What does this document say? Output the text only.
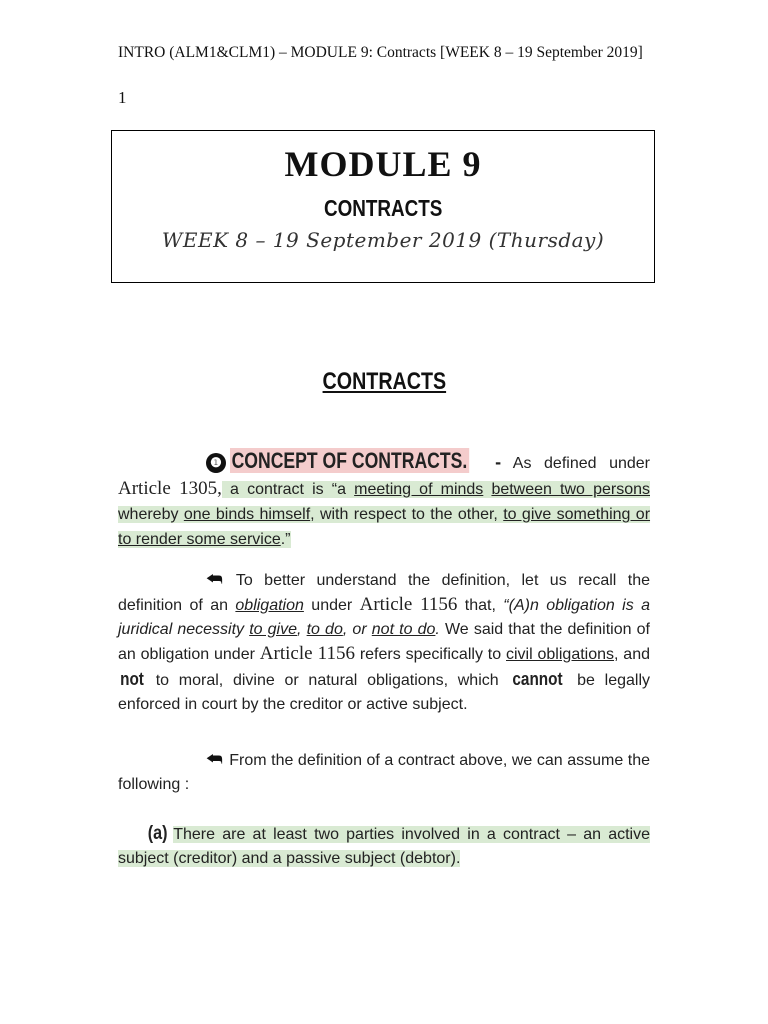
INTRO (ALM1&CLM1) – MODULE 9: Contracts [WEEK 8 – 19 September 2019]
1
MODULE 9
CONTRACTS
WEEK 8 – 19 September 2019 (Thursday)
CONTRACTS
❶ CONCEPT OF CONTRACTS. - As defined under Article 1305, a contract is “a meeting of minds between two persons whereby one binds himself, with respect to the other, to give something or to render some service.”
⮪ To better understand the definition, let us recall the definition of an obligation under Article 1156 that, “(A)n obligation is a juridical necessity to give, to do, or not to do. We said that the definition of an obligation under Article 1156 refers specifically to civil obligations, and not to moral, divine or natural obligations, which cannot be legally enforced in court by the creditor or active subject.
⮪ From the definition of a contract above, we can assume the following :
(a) There are at least two parties involved in a contract – an active subject (creditor) and a passive subject (debtor).
